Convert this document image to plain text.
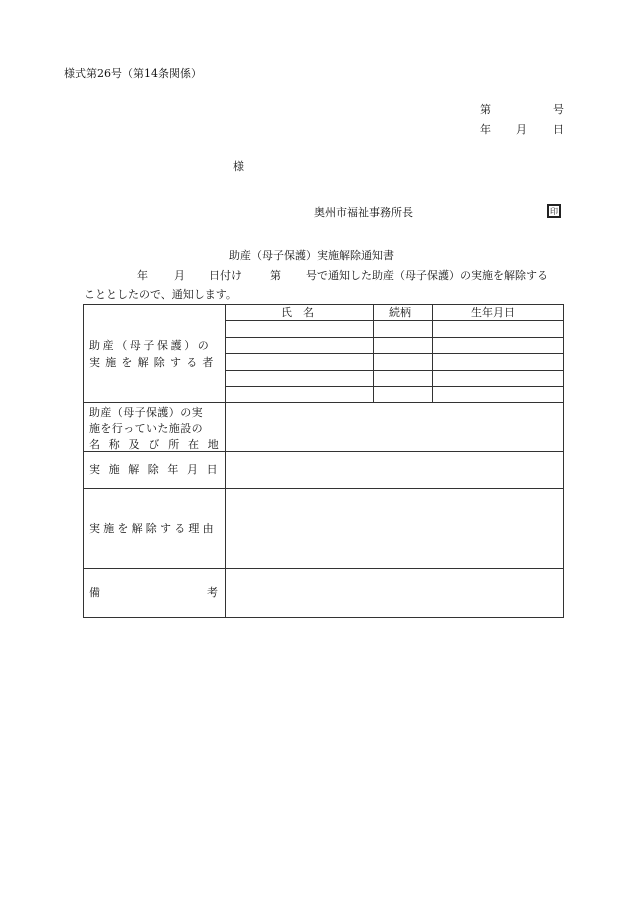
様式第26号（第14条関係）
第	号
年 月 日
様
奥州市福祉事務所長	印
助産（母子保護）実施解除通知書
年 月 日付け	第 号で通知した助産（母子保護）の実施を解除する
こととしたので、通知します。
氏　名	続柄	生年月日
助産（母子保護）の
実施を解除する者
助産（母子保護）の実
施を行っていた施設の
名称及び所在地
実施解除年月日
実施を解除する理由
備	考
